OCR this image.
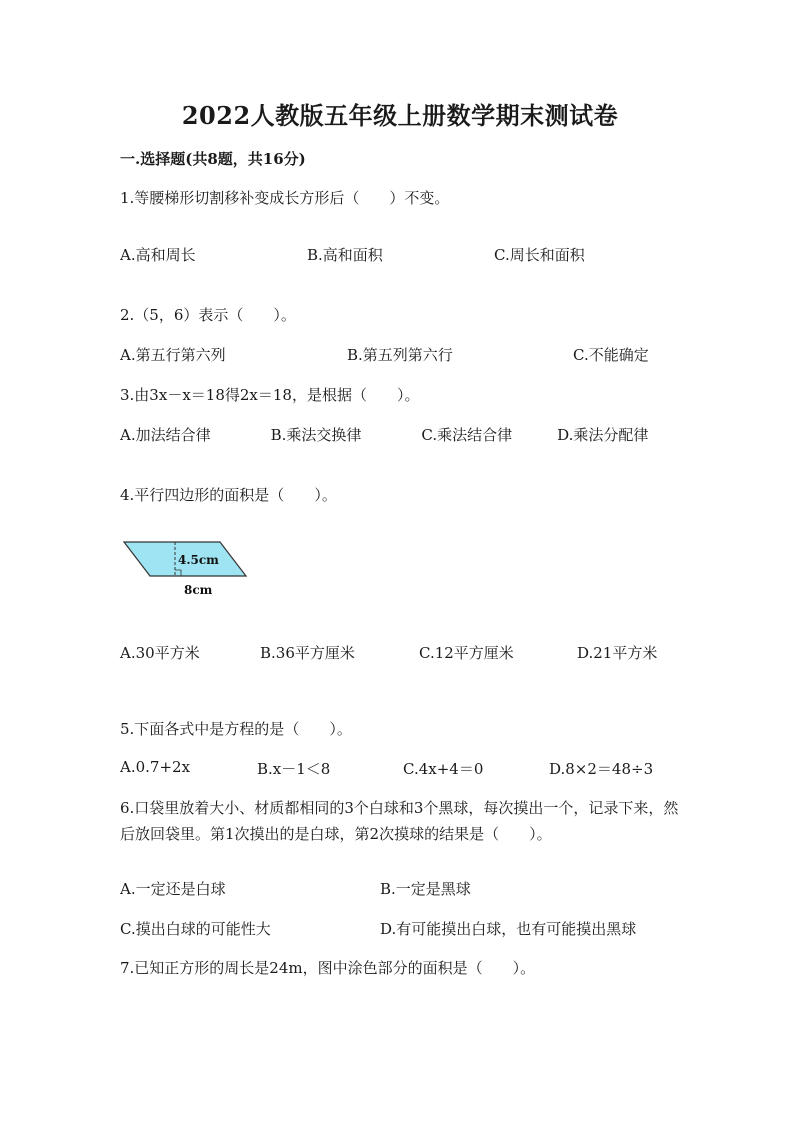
2022人教版五年级上册数学期末测试卷
一.选择题(共8题，共16分)
1.等腰梯形切割移补变成长方形后（　　）不变。
A.高和周长	B.高和面积	C.周长和面积
2.（5，6）表示（　　）。
A.第五行第六列	B.第五列第六行	C.不能确定
3.由3x－x＝18得2x＝18，是根据（　　）。
A.加法结合律　　　　B.乘法交换律　　　　C.乘法结合律　　　D.乘法分配律
4.平行四边形的面积是（　　）。
4.5cm
8cm
A.30平方米	B.36平方厘米	C.12平方厘米	D.21平方米
5.下面各式中是方程的是（　　）。
A.0.7+2x	B.x－1＜8	C.4x+4＝0	D.8×2＝48÷3
6.口袋里放着大小、材质都相同的3个白球和3个黑球，每次摸出一个，记录下来，然后放回袋里。第1次摸出的是白球，第2次摸球的结果是（　　）。
A.一定还是白球	B.一定是黑球
C.摸出白球的可能性大	D.有可能摸出白球，也有可能摸出黑球
7.已知正方形的周长是24m，图中涂色部分的面积是（　　）。
